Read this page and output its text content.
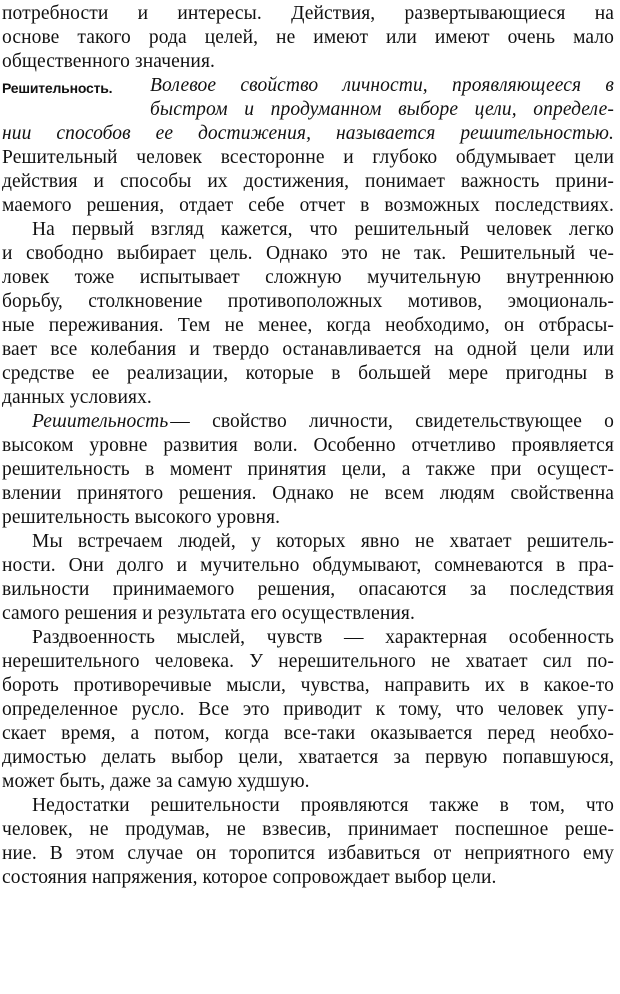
потребности и интересы. Действия, развертывающиеся на
основе такого рода целей, не имеют или имеют очень мало
общественного значения.
Решительность.	Волевое свойство личности, проявляющееся в
быстром и продуманном выборе цели, определе-
нии способов ее достижения, называется решительностью.
Решительный человек всесторонне и глубоко обдумывает цели
действия и способы их достижения, понимает важность прини-
маемого решения, отдает себе отчет в возможных последствиях.
На первый взгляд кажется, что решительный человек легко
и свободно выбирает цель. Однако это не так. Решительный че-
ловек тоже испытывает сложную мучительную внутреннюю
борьбу, столкновение противоположных мотивов, эмоциональ-
ные переживания. Тем не менее, когда необходимо, он отбрасы-
вает все колебания и твердо останавливается на одной цели или
средстве ее реализации, которые в большей мере пригодны в
данных условиях.
Решительность — свойство личности, свидетельствующее о
высоком уровне развития воли. Особенно отчетливо проявляется
решительность в момент принятия цели, а также при осущест-
влении принятого решения. Однако не всем людям свойственна
решительность высокого уровня.
Мы встречаем людей, у которых явно не хватает решитель-
ности. Они долго и мучительно обдумывают, сомневаются в пра-
вильности принимаемого решения, опасаются за последствия
самого решения и результата его осуществления.
Раздвоенность мыслей, чувств — характерная особенность
нерешительного человека. У нерешительного не хватает сил по-
бороть противоречивые мысли, чувства, направить их в какое-то
определенное русло. Все это приводит к тому, что человек упу-
скает время, а потом, когда все-таки оказывается перед необхо-
димостью делать выбор цели, хватается за первую попавшуюся,
может быть, даже за самую худшую.
Недостатки решительности проявляются также в том, что
человек, не продумав, не взвесив, принимает поспешное реше-
ние. В этом случае он торопится избавиться от неприятного ему
состояния напряжения, которое сопровождает выбор цели.
